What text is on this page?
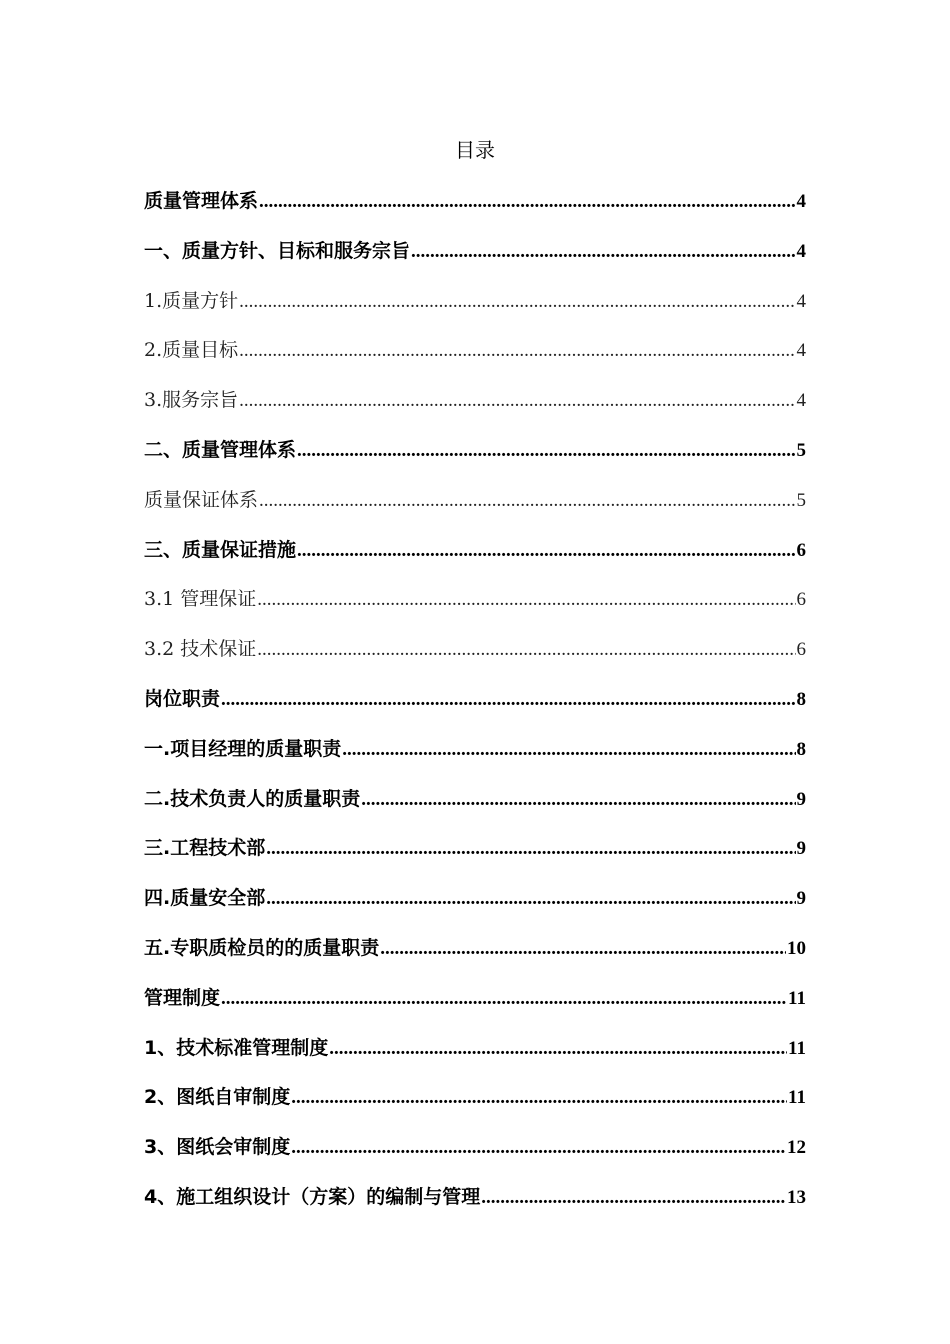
目录
质量管理体系 .....	4
一、质量方针、目标和服务宗旨 .....	4
1.质量方针 .....	4
2.质量目标 .....	4
3.服务宗旨 .....	4
二、质量管理体系 .....	5
质量保证体系 .....	5
三、质量保证措施 .....	6
3.1 管理保证 .....	6
3.2 技术保证 .....	6
岗位职责 .....	8
一.项目经理的质量职责 .....	8
二.技术负责人的质量职责 .....	9
三.工程技术部 .....	9
四.质量安全部 .....	9
五.专职质检员的的质量职责 .....	10
管理制度 .....	11
1、技术标准管理制度 .....	11
2、图纸自审制度 .....	11
3、图纸会审制度 .....	12
4、施工组织设计（方案）的编制与管理 .....	13
